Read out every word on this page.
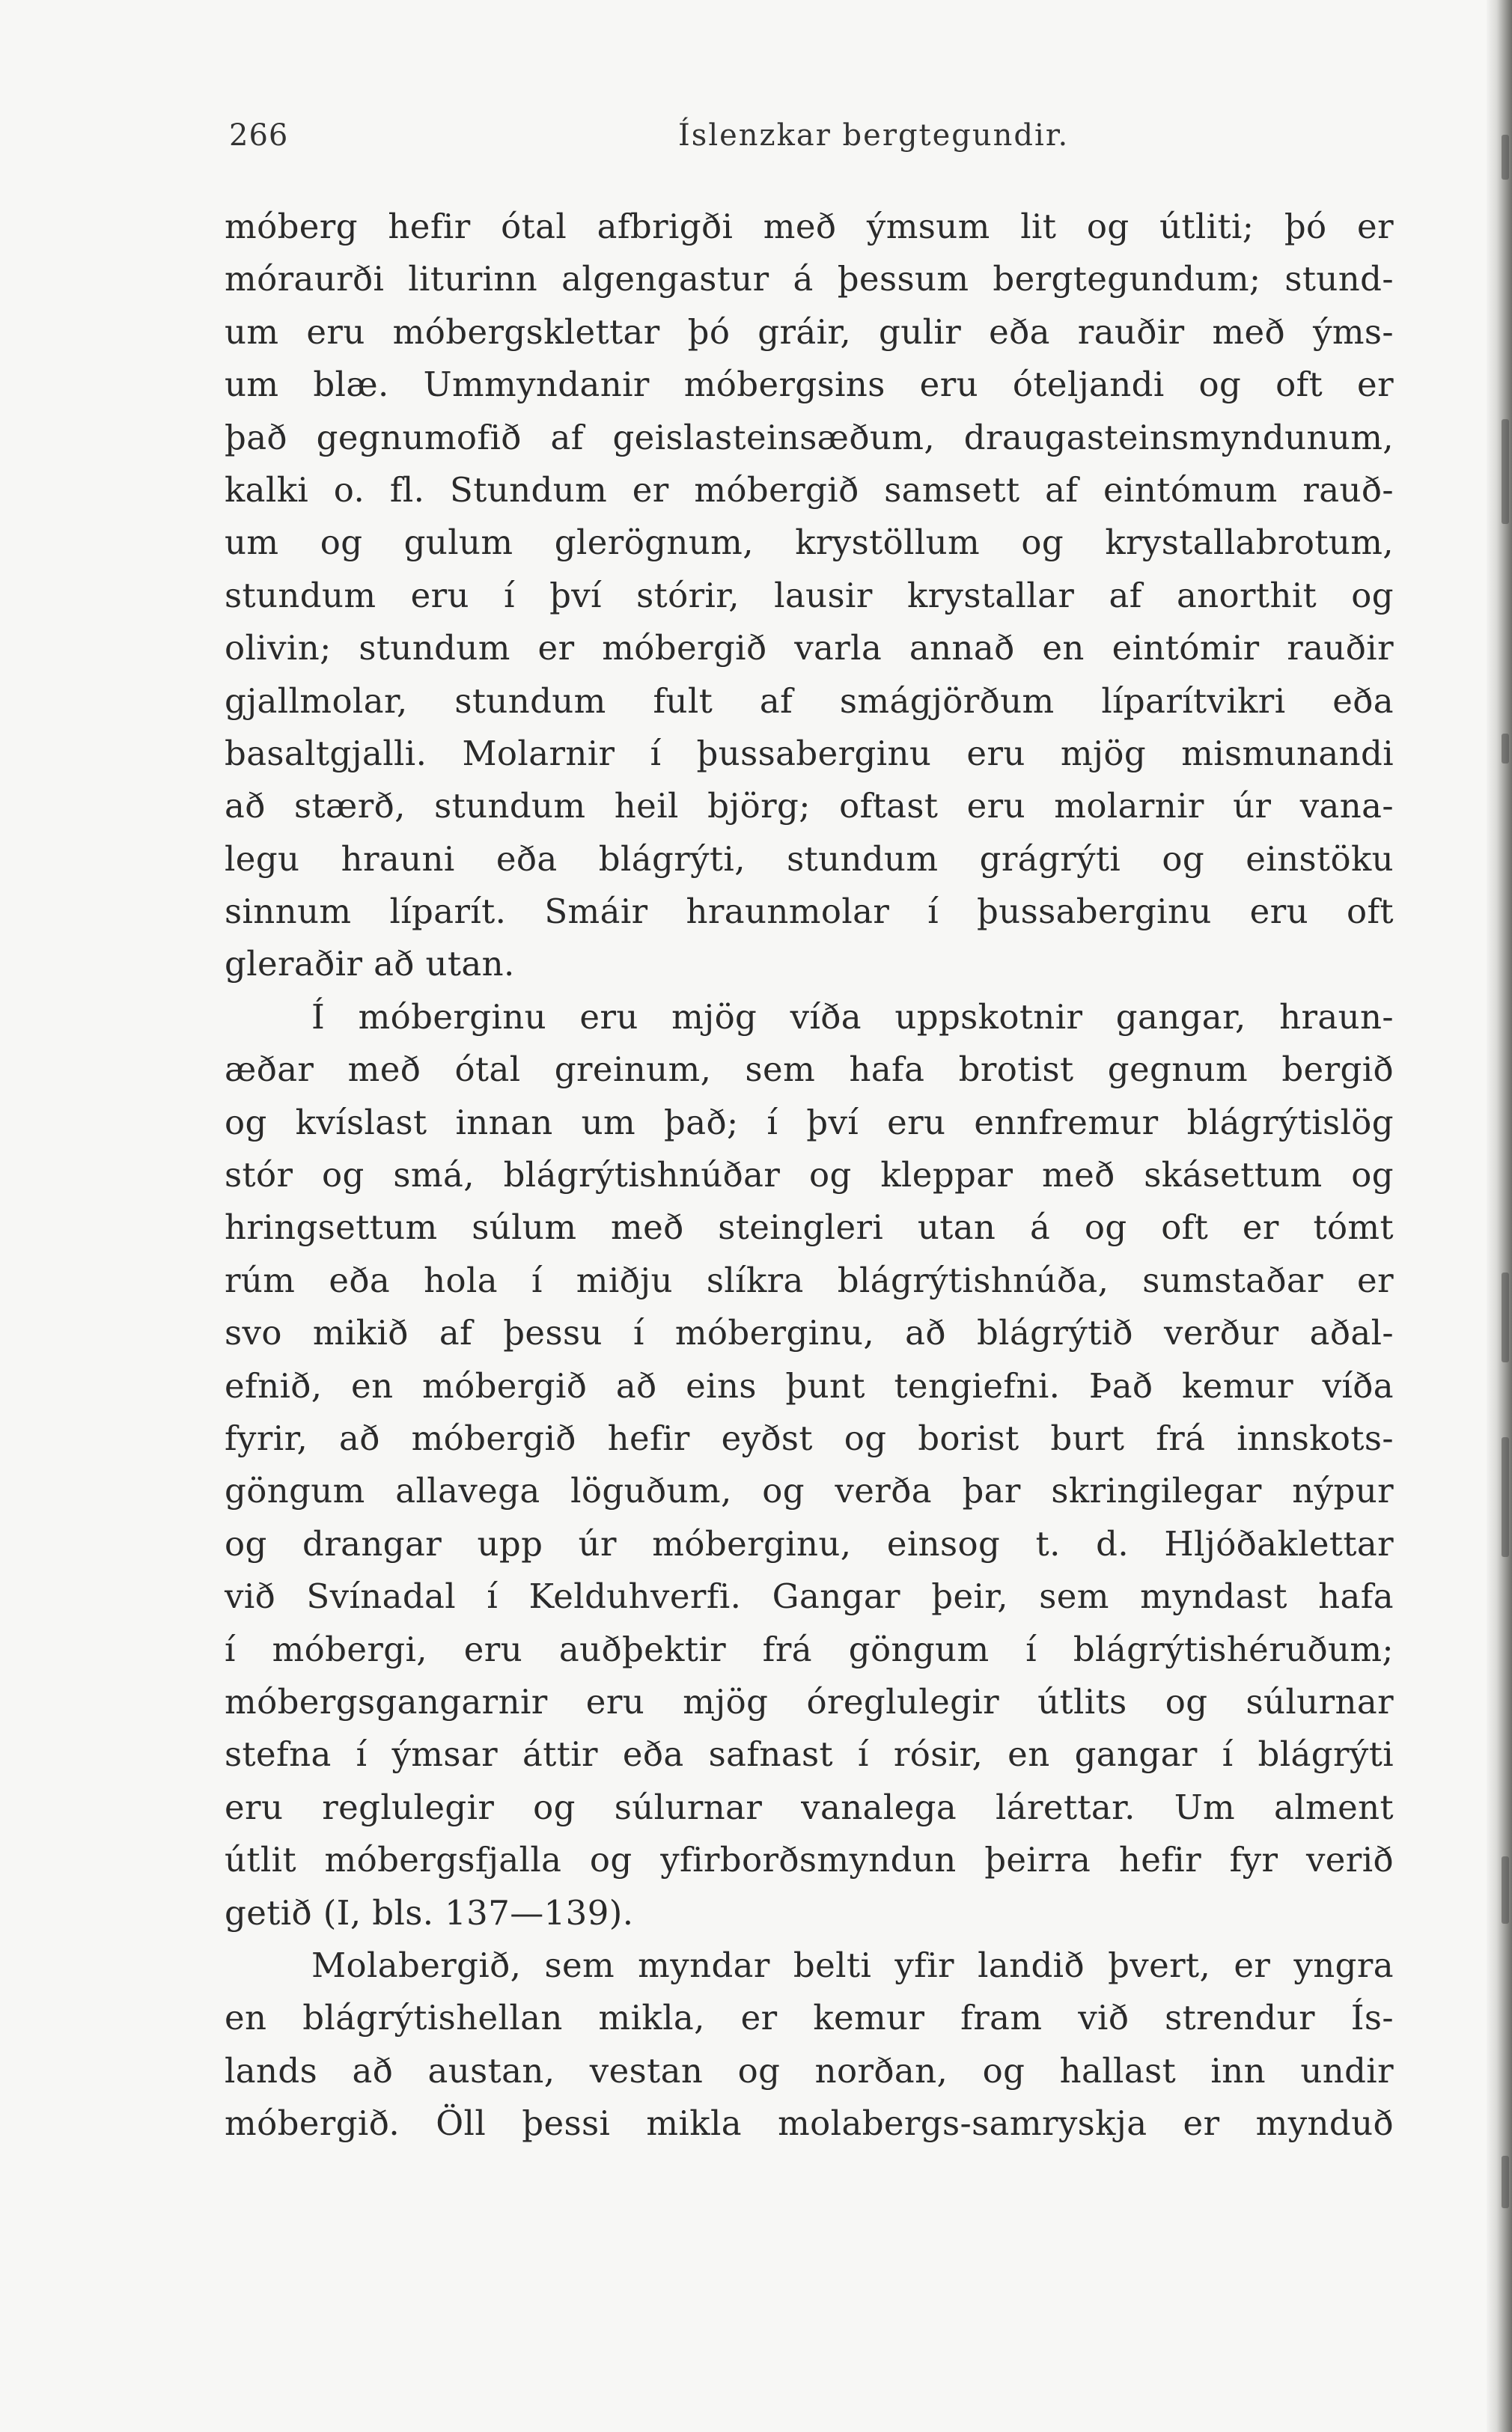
266	Íslenzkar bergtegundir.
móberg hefir ótal afbrigði með ýmsum lit og útliti; þó er
móraurði liturinn algengastur á þessum bergtegundum; stund-
um eru móbergsklettar þó gráir, gulir eða rauðir með ýms-
um blæ. Ummyndanir móbergsins eru óteljandi og oft er
það gegnumofið af geislasteinsæðum, draugasteinsmyndunum,
kalki o. fl. Stundum er móbergið samsett af eintómum rauð-
um og gulum glerögnum, krystöllum og krystallabrotum,
stundum eru í því stórir, lausir krystallar af anorthit og
olivin; stundum er móbergið varla annað en eintómir rauðir
gjallmolar, stundum fult af smágjörðum líparítvikri eða
basaltgjalli. Molarnir í þussaberginu eru mjög mismunandi
að stærð, stundum heil björg; oftast eru molarnir úr vana-
legu hrauni eða blágrýti, stundum grágrýti og einstöku
sinnum líparít. Smáir hraunmolar í þussaberginu eru oft
gleraðir að utan.
Í móberginu eru mjög víða uppskotnir gangar, hraun-
æðar með ótal greinum, sem hafa brotist gegnum bergið
og kvíslast innan um það; í því eru ennfremur blágrýtislög
stór og smá, blágrýtishnúðar og kleppar með skásettum og
hringsettum súlum með steingleri utan á og oft er tómt
rúm eða hola í miðju slíkra blágrýtishnúða, sumstaðar er
svo mikið af þessu í móberginu, að blágrýtið verður aðal-
efnið, en móbergið að eins þunt tengiefni. Það kemur víða
fyrir, að móbergið hefir eyðst og borist burt frá innskots-
göngum allavega löguðum, og verða þar skringilegar nýpur
og drangar upp úr móberginu, einsog t. d. Hljóðaklettar
við Svínadal í Kelduhverfi. Gangar þeir, sem myndast hafa
í móbergi, eru auðþektir frá göngum í blágrýtishéruðum;
móbergsgangarnir eru mjög óreglulegir útlits og súlurnar
stefna í ýmsar áttir eða safnast í rósir, en gangar í blágrýti
eru reglulegir og súlurnar vanalega lárettar. Um alment
útlit móbergsfjalla og yfirborðsmyndun þeirra hefir fyr verið
getið (I, bls. 137—139).
Molabergið, sem myndar belti yfir landið þvert, er yngra
en blágrýtishellan mikla, er kemur fram við strendur Ís-
lands að austan, vestan og norðan, og hallast inn undir
móbergið. Öll þessi mikla molabergs-samryskja er mynduð
